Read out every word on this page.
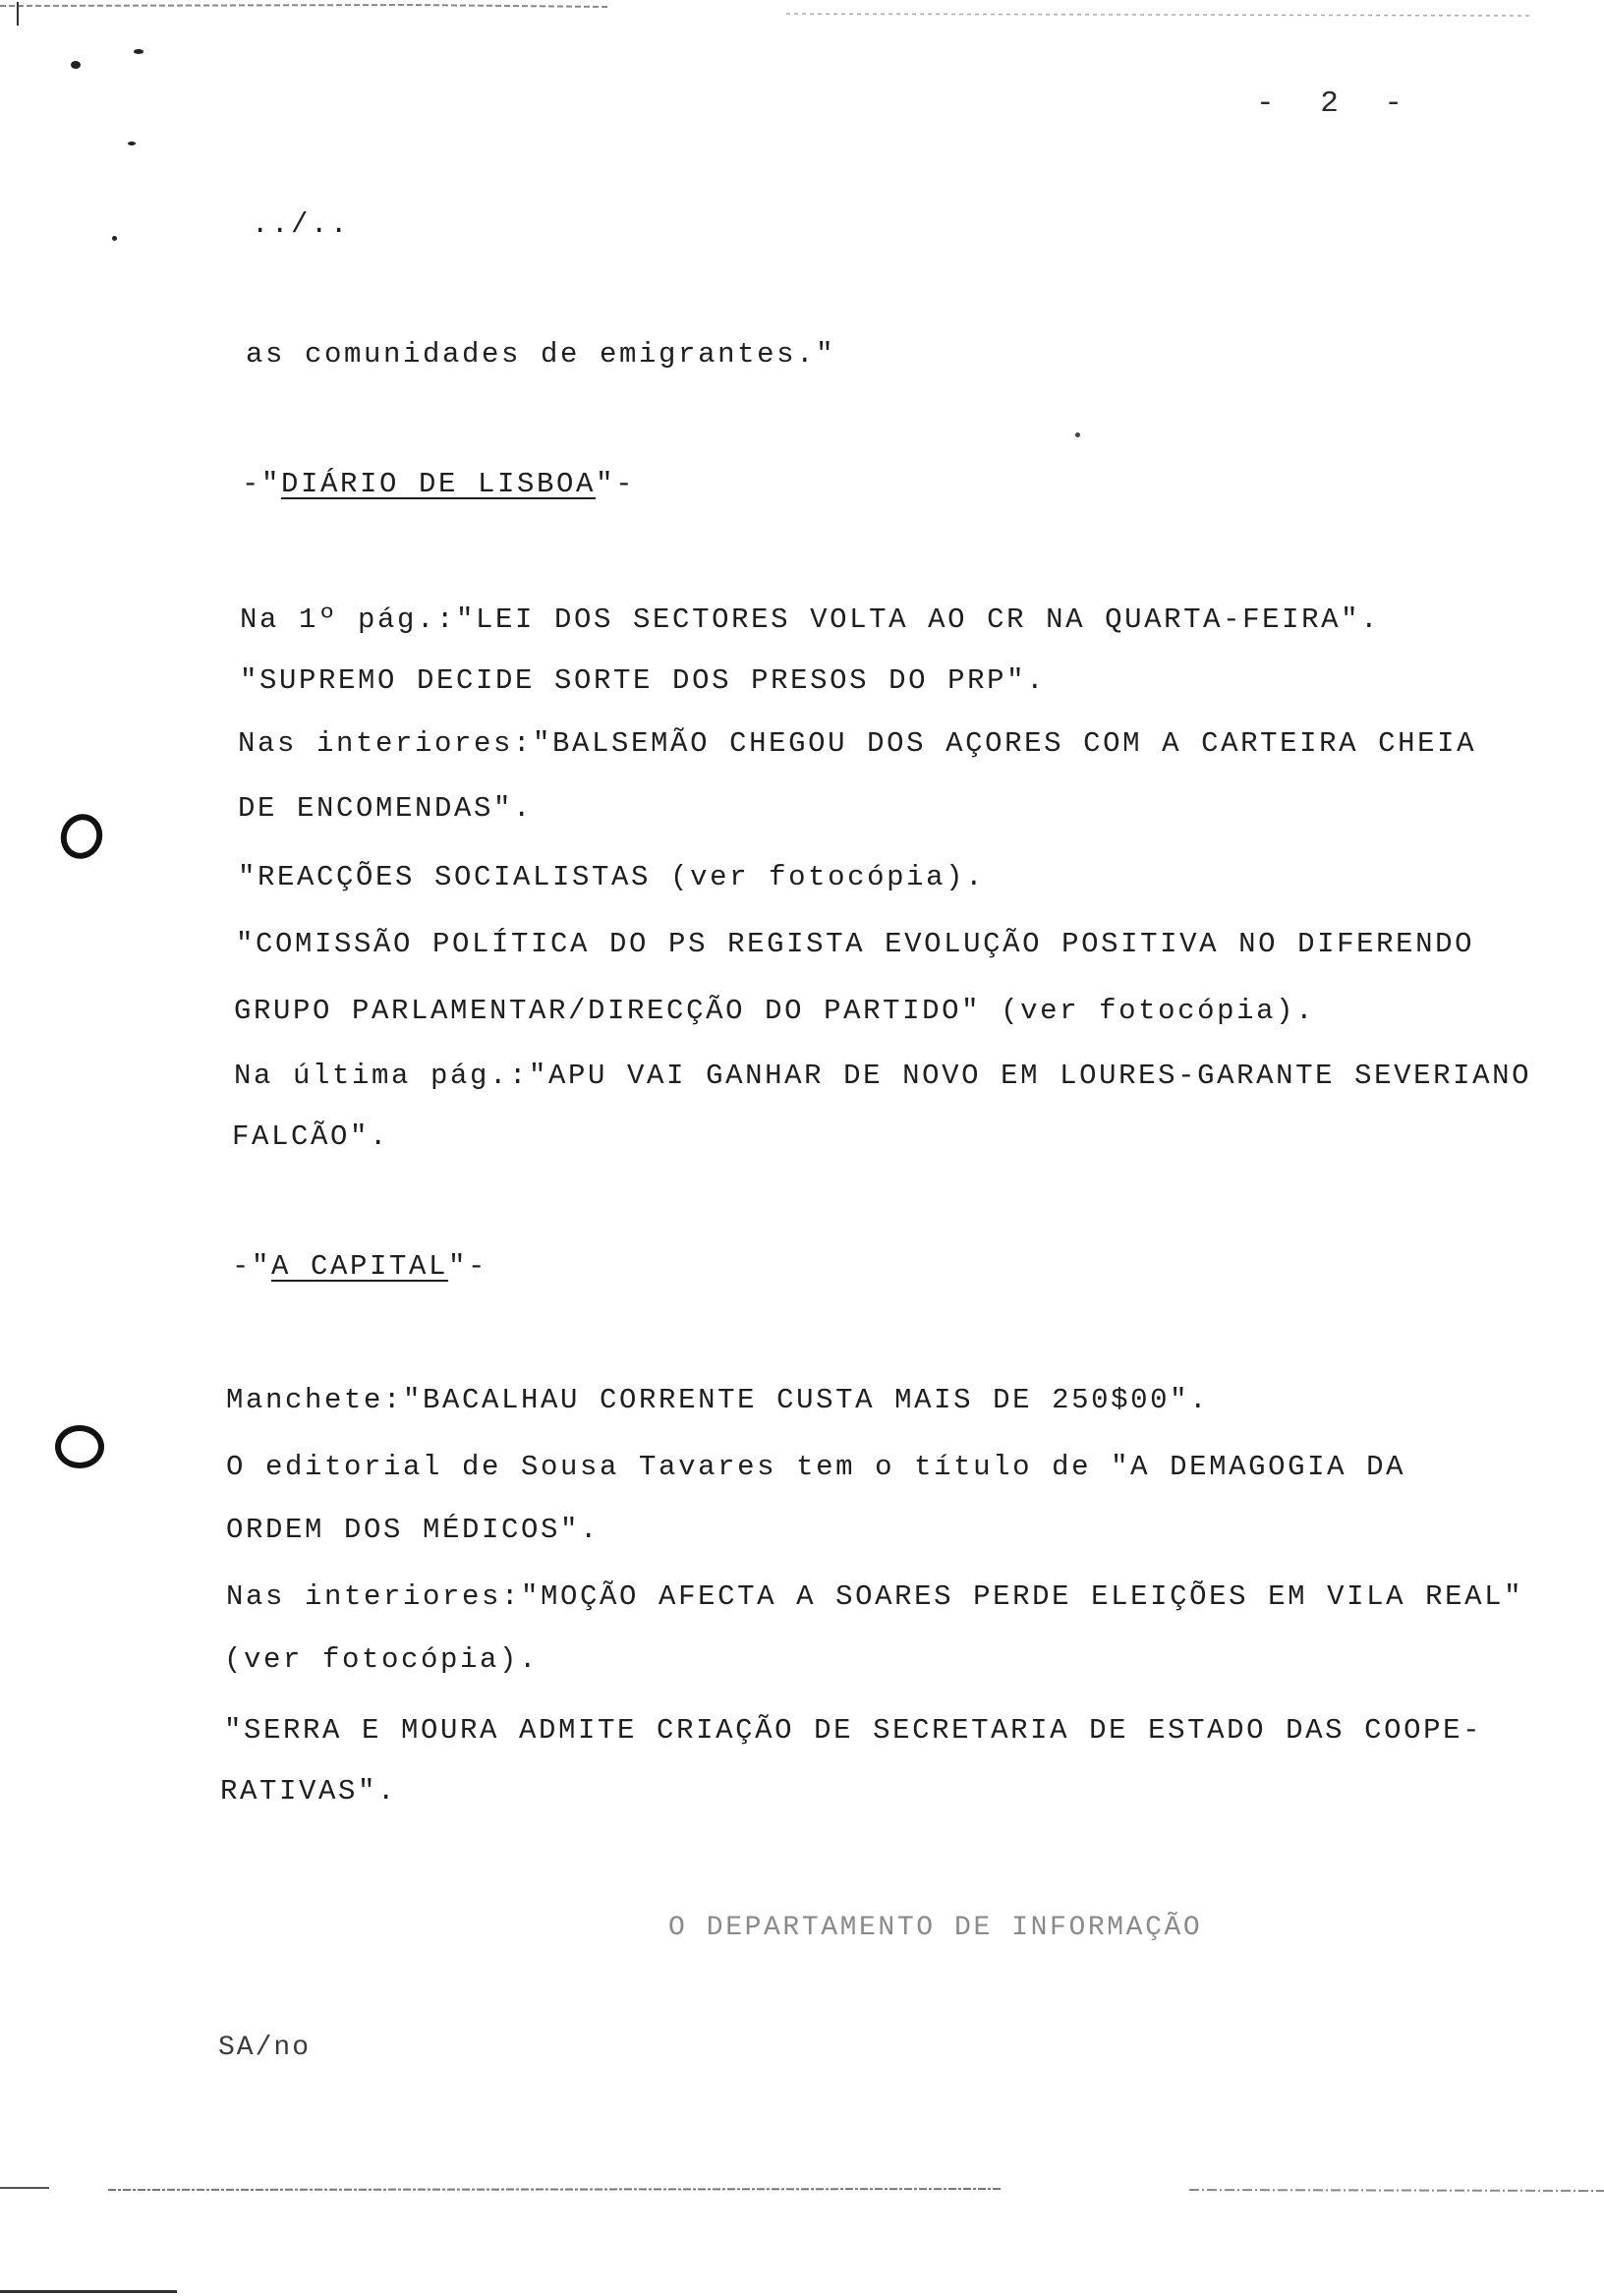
- 2 -
../..
as comunidades de emigrantes."
-"DIÁRIO DE LISBOA"-
Na 1º pág.:"LEI DOS SECTORES VOLTA AO CR NA QUARTA-FEIRA".
"SUPREMO DECIDE SORTE DOS PRESOS DO PRP".
Nas interiores:"BALSEMÃO CHEGOU DOS AÇORES COM A CARTEIRA CHEIA
DE ENCOMENDAS".
"REACÇÕES SOCIALISTAS (ver fotocópia).
"COMISSÃO POLÍTICA DO PS REGISTA EVOLUÇÃO POSITIVA NO DIFERENDO
GRUPO PARLAMENTAR/DIRECÇÃO DO PARTIDO" (ver fotocópia).
Na última pág.:"APU VAI GANHAR DE NOVO EM LOURES-GARANTE SEVERIANO
FALCÃO".
-"A CAPITAL"-
Manchete:"BACALHAU CORRENTE CUSTA MAIS DE 250$00".
O editorial de Sousa Tavares tem o título de "A DEMAGOGIA DA
ORDEM DOS MÉDICOS".
Nas interiores:"MOÇÃO AFECTA A SOARES PERDE ELEIÇÕES EM VILA REAL"
(ver fotocópia).
"SERRA E MOURA ADMITE CRIAÇÃO DE SECRETARIA DE ESTADO DAS COOPE-
RATIVAS".
O DEPARTAMENTO DE INFORMAÇÃO
SA/no
